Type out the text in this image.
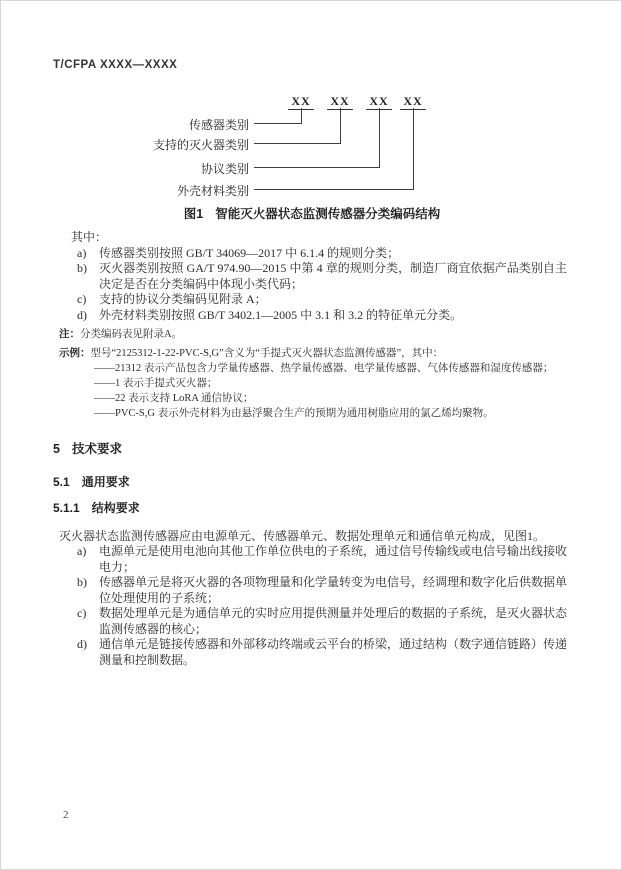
T/CFPA XXXX—XXXX
XX XX XX XX
传感器类别
支持的灭火器类别
协议类别
外壳材料类别
图1 智能灭火器状态监测传感器分类编码结构
其中：
a) 传感器类别按照 GB/T 34069—2017 中 6.1.4 的规则分类；
b) 灭火器类别按照 GA/T 974.90—2015 中第 4 章的规则分类，制造厂商宜依据产品类别自主决定是否在分类编码中体现小类代码；
c) 支持的协议分类编码见附录 A；
d) 外壳材料类别按照 GB/T 3402.1—2005 中 3.1 和 3.2 的特征单元分类。
注：分类编码表见附录A。
示例：型号“2125312-1-22-PVC-S,G”含义为“手提式灭火器状态监测传感器”，其中：
——21312 表示产品包含力学量传感器、热学量传感器、电学量传感器、气体传感器和湿度传感器；
——1 表示手提式灭火器；
——22 表示支持 LoRA 通信协议；
——PVC-S,G 表示外壳材料为由悬浮聚合生产的预期为通用树脂应用的氯乙烯均聚物。
5 技术要求
5.1 通用要求
5.1.1 结构要求
灭火器状态监测传感器应由电源单元、传感器单元、数据处理单元和通信单元构成，见图1。
a) 电源单元是使用电池向其他工作单位供电的子系统，通过信号传输线或电信号输出线接收电力；
b) 传感器单元是将灭火器的各项物理量和化学量转变为电信号，经调理和数字化后供数据单位处理使用的子系统；
c) 数据处理单元是为通信单元的实时应用提供测量并处理后的数据的子系统，是灭火器状态监测传感器的核心；
d) 通信单元是链接传感器和外部移动终端或云平台的桥梁，通过结构（数字通信链路）传递测量和控制数据。
2
